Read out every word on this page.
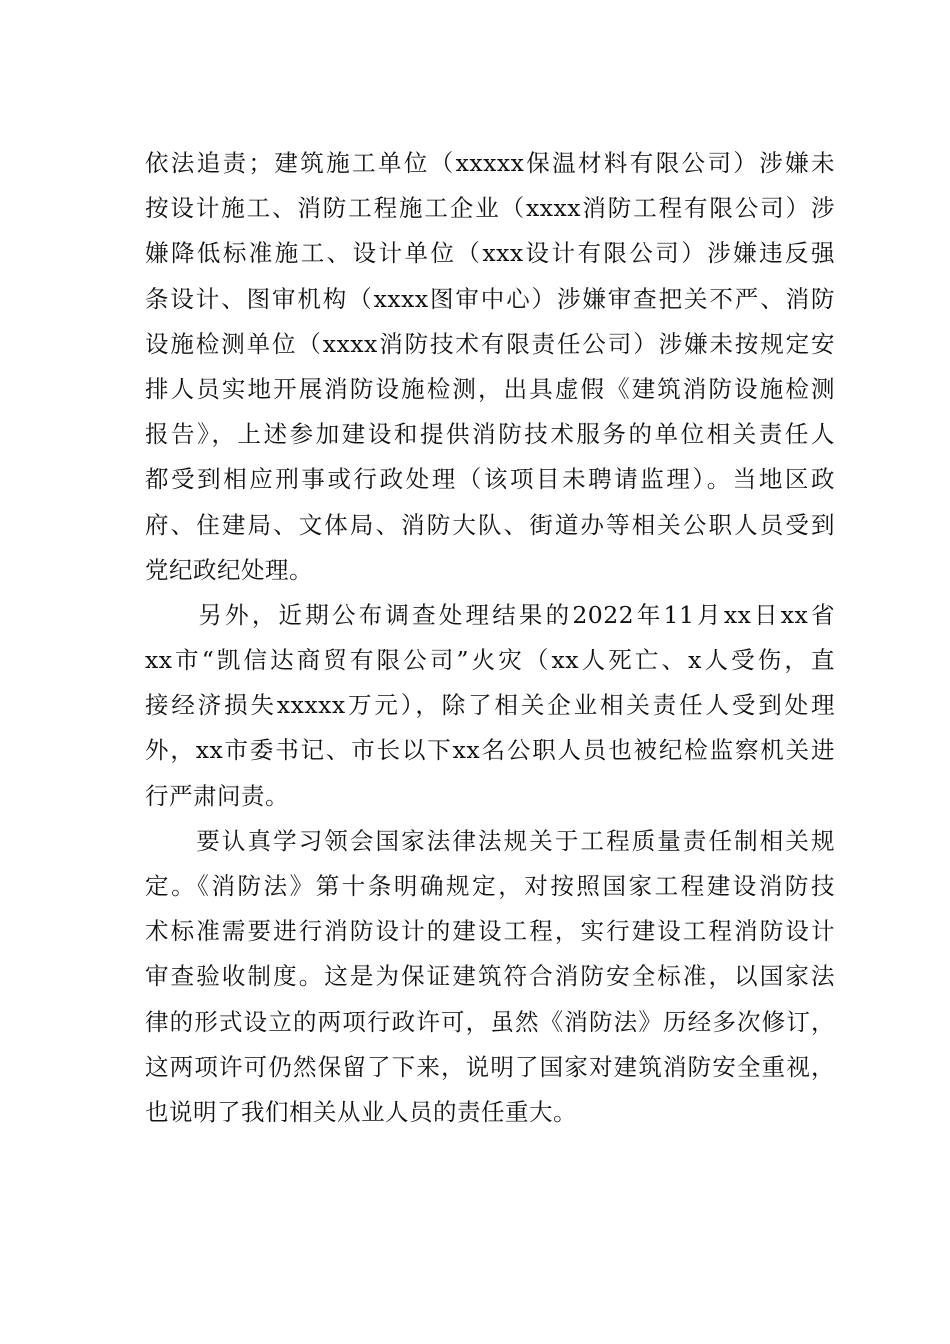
依法追责；建筑施工单位（xxxxx保温材料有限公司）涉嫌未
按设计施工、消防工程施工企业（xxxx消防工程有限公司）涉
嫌降低标准施工、设计单位（xxx设计有限公司）涉嫌违反强
条设计、图审机构（xxxx图审中心）涉嫌审查把关不严、消防
设施检测单位（xxxx消防技术有限责任公司）涉嫌未按规定安
排人员实地开展消防设施检测，出具虚假《建筑消防设施检测
报告》，上述参加建设和提供消防技术服务的单位相关责任人
都受到相应刑事或行政处理（该项目未聘请监理）。当地区政
府、住建局、文体局、消防大队、街道办等相关公职人员受到
党纪政纪处理。
　　另外，近期公布调查处理结果的2022年11月xx日xx省
xx市“凯信达商贸有限公司”火灾（xx人死亡、x人受伤，直
接经济损失xxxxx万元），除了相关企业相关责任人受到处理
外，xx市委书记、市长以下xx名公职人员也被纪检监察机关进
行严肃问责。
　　要认真学习领会国家法律法规关于工程质量责任制相关规
定。《消防法》第十条明确规定，对按照国家工程建设消防技
术标准需要进行消防设计的建设工程，实行建设工程消防设计
审查验收制度。这是为保证建筑符合消防安全标准，以国家法
律的形式设立的两项行政许可，虽然《消防法》历经多次修订，
这两项许可仍然保留了下来，说明了国家对建筑消防安全重视，
也说明了我们相关从业人员的责任重大。
